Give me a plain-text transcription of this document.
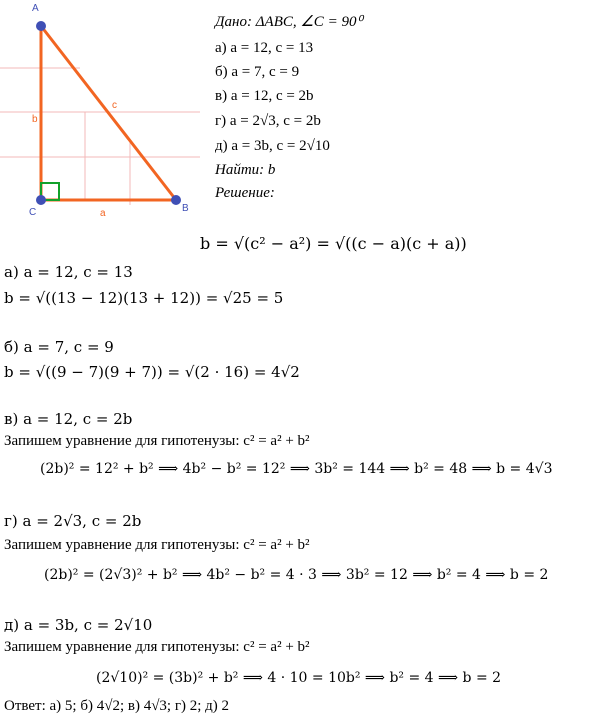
A
C	B
b
a
c
Дано: ΔABC, ∠C = 90⁰
а) a = 12, c = 13
б) a = 7, c = 9
в) a = 12, c = 2b
г) a = 2√3, c = 2b
д) a = 3b, c = 2√10
Найти: b
Решение:
b = √(c² − a²) = √((c − a)(c + a))
а) a = 12, c = 13
b = √((13 − 12)(13 + 12)) = √25 = 5
б) a = 7, c = 9
b = √((9 − 7)(9 + 7)) = √(2 · 16) = 4√2
в) a = 12, c = 2b
Запишем уравнение для гипотенузы: c² = a² + b²
(2b)² = 12² + b² ⟹ 4b² − b² = 12² ⟹ 3b² = 144 ⟹ b² = 48 ⟹ b = 4√3
г) a = 2√3, c = 2b
Запишем уравнение для гипотенузы: c² = a² + b²
(2b)² = (2√3)² + b² ⟹ 4b² − b² = 4 · 3 ⟹ 3b² = 12 ⟹ b² = 4 ⟹ b = 2
д) a = 3b, c = 2√10
Запишем уравнение для гипотенузы: c² = a² + b²
(2√10)² = (3b)² + b² ⟹ 4 · 10 = 10b² ⟹ b² = 4 ⟹ b = 2
Ответ: а) 5; б) 4√2; в) 4√3; г) 2; д) 2
